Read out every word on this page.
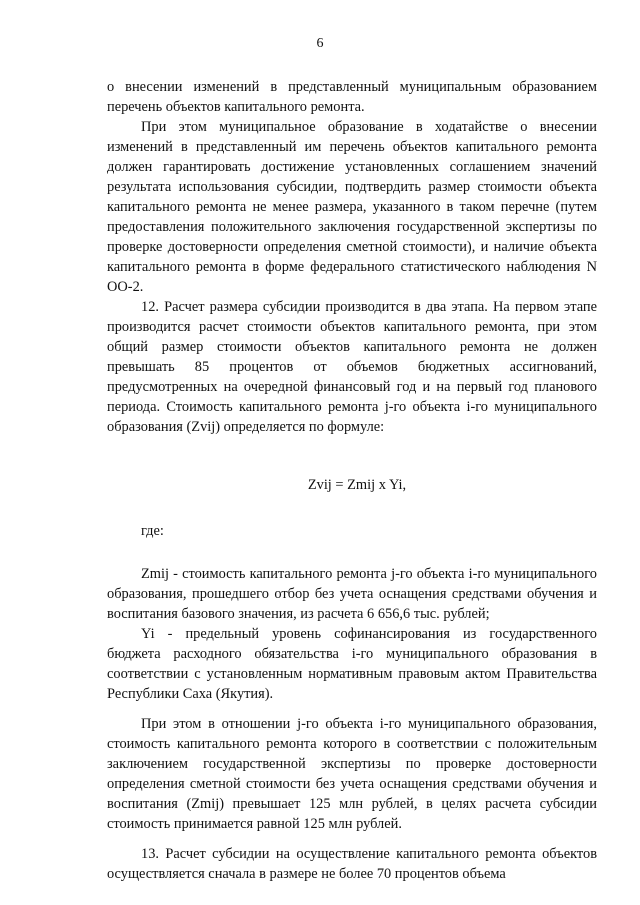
6

о внесении изменений в представленный муниципальным образованием перечень объектов капитального ремонта.

При этом муниципальное образование в ходатайстве о внесении изменений в представленный им перечень объектов капитального ремонта должен гарантировать достижение установленных соглашением значений результата использования субсидии, подтвердить размер стоимости объекта капитального ремонта не менее размера, указанного в таком перечне (путем предоставления положительного заключения государственной экспертизы по проверке достоверности определения сметной стоимости), и наличие объекта капитального ремонта в форме федерального статистического наблюдения N ОО-2.

12. Расчет размера субсидии производится в два этапа. На первом этапе производится расчет стоимости объектов капитального ремонта, при этом общий размер стоимости объектов капитального ремонта не должен превышать 85 процентов от объемов бюджетных ассигнований, предусмотренных на очередной финансовый год и на первый год планового периода. Стоимость капитального ремонта j-го объекта i-го муниципального образования (Zvij) определяется по формуле:

Zvij = Zmij x Yi,

где:

Zmij - стоимость капитального ремонта j-го объекта i-го муниципального образования, прошедшего отбор без учета оснащения средствами обучения и воспитания базового значения, из расчета 6 656,6 тыс. рублей;

Yi - предельный уровень софинансирования из государственного бюджета расходного обязательства i-го муниципального образования в соответствии с установленным нормативным правовым актом Правительства Республики Саха (Якутия).

При этом в отношении j-го объекта i-го муниципального образования, стоимость капитального ремонта которого в соответствии с положительным заключением государственной экспертизы по проверке достоверности определения сметной стоимости без учета оснащения средствами обучения и воспитания (Zmij) превышает 125 млн рублей, в целях расчета субсидии стоимость принимается равной 125 млн рублей.

13. Расчет субсидии на осуществление капитального ремонта объектов осуществляется сначала в размере не более 70 процентов объема
